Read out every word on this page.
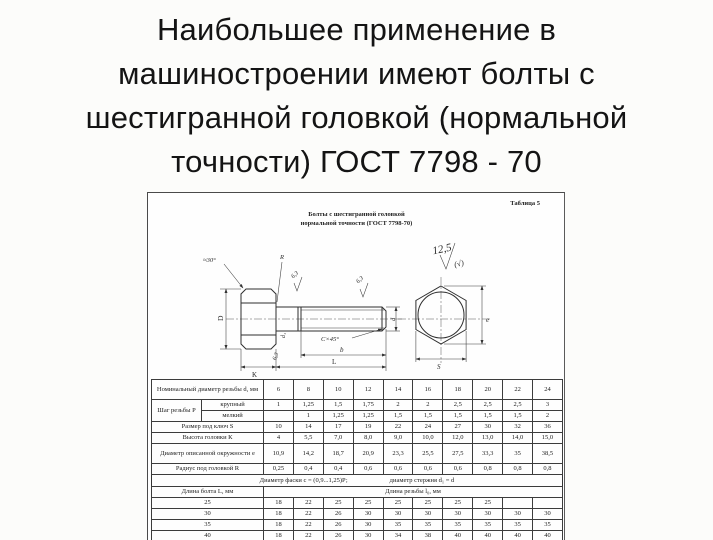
Наибольшее применение в
машиностроении имеют болты с
шестигранной головкой (нормальной
точности) ГОСТ 7798 - 70
Таблица 5
Болты с шестигранной головкой
нормальной точности (ГОСТ 7798-70)
D
K
L
b
C×45°
d
d₁
≈30°	R
6,3
6,3
6,3
S
e
12,5
(√)
Номинальный диаметр резьбы d, мм		6	8	10	12	14	16	18	20	22	24
Шаг резьбы Р	крупный	1	1,25	1,5	1,75	2	2	2,5	2,5	2,5	3
	мелкий		1	1,25	1,25	1,5	1,5	1,5	1,5	1,5	2
Размер под ключ S		10	14	17	19	22	24	27	30	32	36
Высота головки К		4	5,5	7,0	8,0	9,0	10,0	12,0	13,0	14,0	15,0
Диаметр описанной окружности е		10,9	14,2	18,7	20,9	23,3	25,5	27,5	33,3	35	38,5
Радиус под головкой R		0,25	0,4	0,4	0,6	0,6	0,6	0,6	0,8	0,8	0,8
Диаметр фаски с = (0,9...1,25)Р; диаметр стержня d₁ = d											
Длина болта L, мм		Длина резьбы l₀, мм									
25		18	22	25	25	25	25	25	25		
30		18	22	26	30	30	30	30	30	30	30
35		18	22	26	30	35	35	35	35	35	35
40		18	22	26	30	34	38	40	40	40	40
